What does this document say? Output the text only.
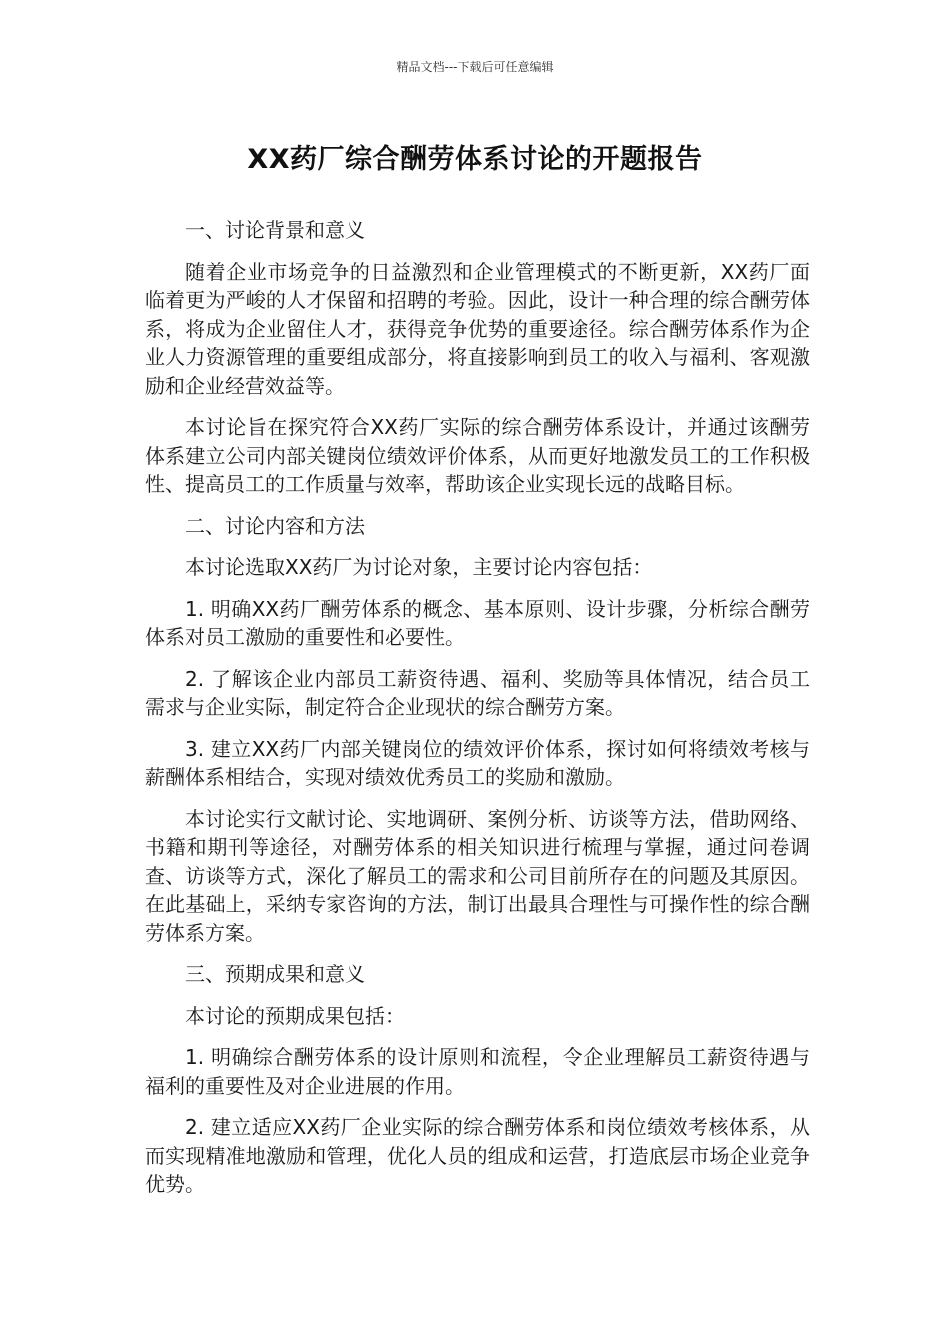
精品文档---下载后可任意编辑
XX药厂综合酬劳体系讨论的开题报告

一、讨论背景和意义

随着企业市场竞争的日益激烈和企业管理模式的不断更新，XX药厂面临着更为严峻的人才保留和招聘的考验。因此，设计一种合理的综合酬劳体系，将成为企业留住人才，获得竞争优势的重要途径。综合酬劳体系作为企业人力资源管理的重要组成部分，将直接影响到员工的收入与福利、客观激励和企业经营效益等。

本讨论旨在探究符合XX药厂实际的综合酬劳体系设计，并通过该酬劳体系建立公司内部关键岗位绩效评价体系，从而更好地激发员工的工作积极性、提高员工的工作质量与效率，帮助该企业实现长远的战略目标。

二、讨论内容和方法

本讨论选取XX药厂为讨论对象，主要讨论内容包括：

1. 明确XX药厂酬劳体系的概念、基本原则、设计步骤，分析综合酬劳体系对员工激励的重要性和必要性。

2. 了解该企业内部员工薪资待遇、福利、奖励等具体情况，结合员工需求与企业实际，制定符合企业现状的综合酬劳方案。

3. 建立XX药厂内部关键岗位的绩效评价体系，探讨如何将绩效考核与薪酬体系相结合，实现对绩效优秀员工的奖励和激励。

本讨论实行文献讨论、实地调研、案例分析、访谈等方法，借助网络、书籍和期刊等途径，对酬劳体系的相关知识进行梳理与掌握，通过问卷调查、访谈等方式，深化了解员工的需求和公司目前所存在的问题及其原因。在此基础上，采纳专家咨询的方法，制订出最具合理性与可操作性的综合酬劳体系方案。

三、预期成果和意义

本讨论的预期成果包括：

1. 明确综合酬劳体系的设计原则和流程，令企业理解员工薪资待遇与福利的重要性及对企业进展的作用。

2. 建立适应XX药厂企业实际的综合酬劳体系和岗位绩效考核体系，从而实现精准地激励和管理，优化人员的组成和运营，打造底层市场企业竞争优势。
